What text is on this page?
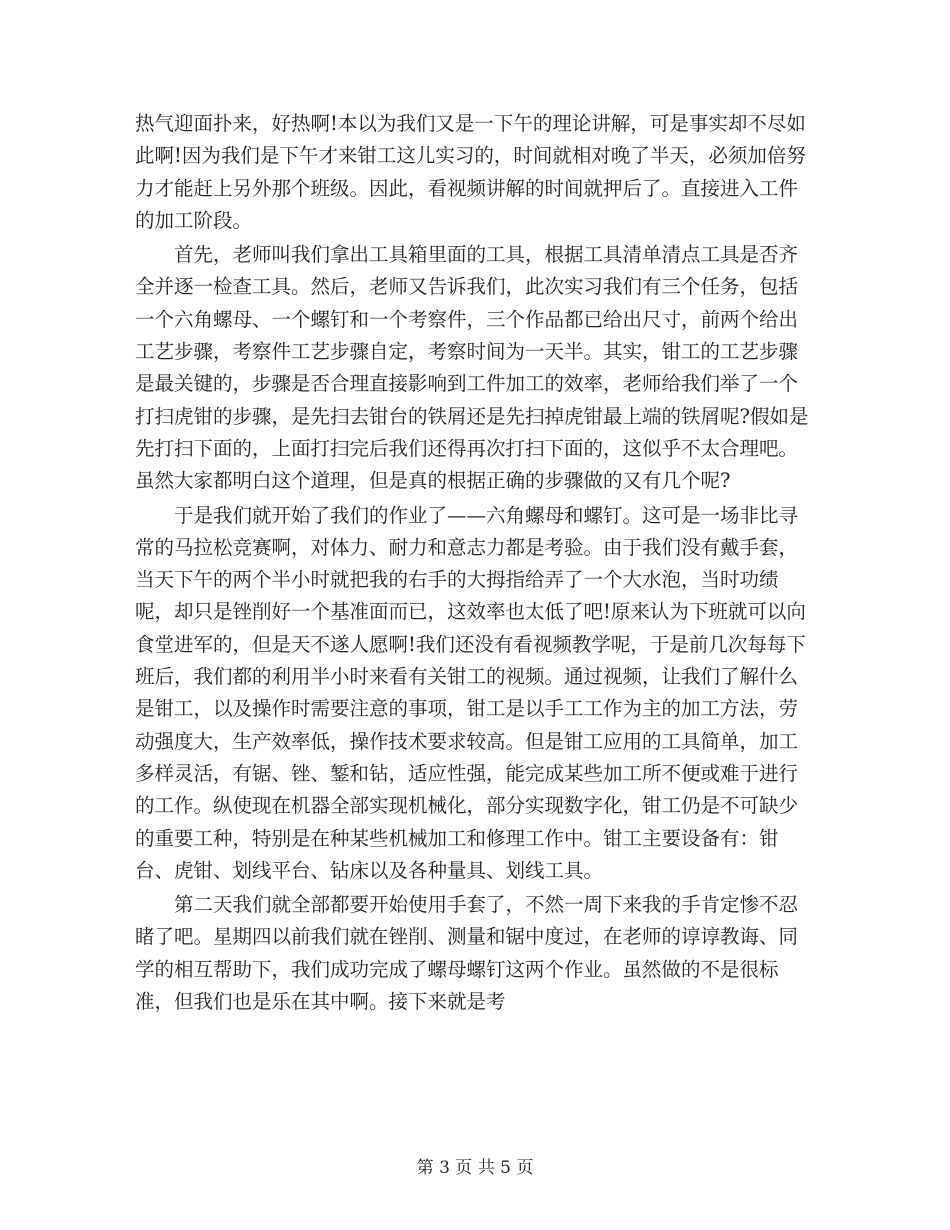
热气迎面扑来，好热啊!本以为我们又是一下午的理论讲解，可是事实却不尽如此啊!因为我们是下午才来钳工这儿实习的，时间就相对晚了半天，必须加倍努力才能赶上另外那个班级。因此，看视频讲解的时间就押后了。直接进入工件的加工阶段。

首先，老师叫我们拿出工具箱里面的工具，根据工具清单清点工具是否齐全并逐一检查工具。然后，老师又告诉我们，此次实习我们有三个任务，包括一个六角螺母、一个螺钉和一个考察件，三个作品都已给出尺寸，前两个给出工艺步骤，考察件工艺步骤自定，考察时间为一天半。其实，钳工的工艺步骤是最关键的，步骤是否合理直接影响到工件加工的效率，老师给我们举了一个打扫虎钳的步骤，是先扫去钳台的铁屑还是先扫掉虎钳最上端的铁屑呢?假如是先打扫下面的，上面打扫完后我们还得再次打扫下面的，这似乎不太合理吧。虽然大家都明白这个道理，但是真的根据正确的步骤做的又有几个呢?

于是我们就开始了我们的作业了——六角螺母和螺钉。这可是一场非比寻常的马拉松竞赛啊，对体力、耐力和意志力都是考验。由于我们没有戴手套，当天下午的两个半小时就把我的右手的大拇指给弄了一个大水泡，当时功绩呢，却只是锉削好一个基准面而已，这效率也太低了吧!原来认为下班就可以向食堂进军的，但是天不遂人愿啊!我们还没有看视频教学呢，于是前几次每每下班后，我们都的利用半小时来看有关钳工的视频。通过视频，让我们了解什么是钳工，以及操作时需要注意的事项，钳工是以手工工作为主的加工方法，劳动强度大，生产效率低，操作技术要求较高。但是钳工应用的工具简单，加工多样灵活，有锯、锉、錾和钻，适应性强，能完成某些加工所不便或难于进行的工作。纵使现在机器全部实现机械化，部分实现数字化，钳工仍是不可缺少的重要工种，特别是在种某些机械加工和修理工作中。钳工主要设备有：钳台、虎钳、划线平台、钻床以及各种量具、划线工具。

第二天我们就全部都要开始使用手套了，不然一周下来我的手肯定惨不忍睹了吧。星期四以前我们就在锉削、测量和锯中度过，在老师的谆谆教诲、同学的相互帮助下，我们成功完成了螺母螺钉这两个作业。虽然做的不是很标准，但我们也是乐在其中啊。接下来就是考

第 3 页 共 5 页
